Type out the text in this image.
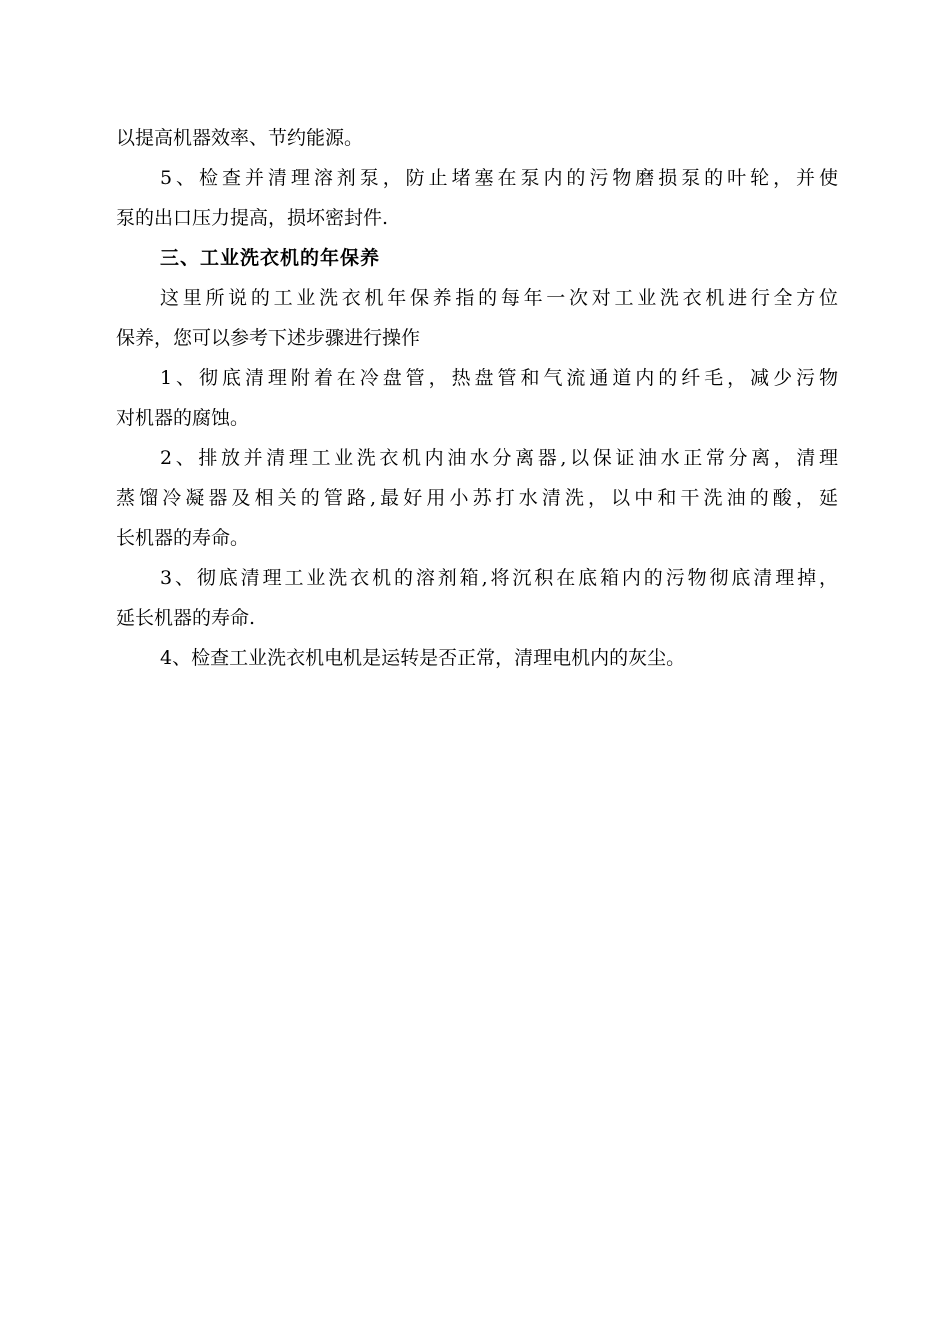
以提高机器效率、节约能源。
5、检查并清理溶剂泵，防止堵塞在泵内的污物磨损泵的叶轮，并使
泵的出口压力提高，损坏密封件.
三、工业洗衣机的年保养
这里所说的工业洗衣机年保养指的每年一次对工业洗衣机进行全方位
保养，您可以参考下述步骤进行操作
1、彻底清理附着在冷盘管，热盘管和气流通道内的纤毛，减少污物
对机器的腐蚀。
2、排放并清理工业洗衣机内油水分离器,以保证油水正常分离，清理
蒸馏冷凝器及相关的管路,最好用小苏打水清洗，以中和干洗油的酸，延
长机器的寿命。
3、彻底清理工业洗衣机的溶剂箱,将沉积在底箱内的污物彻底清理掉，
延长机器的寿命.
4、检查工业洗衣机电机是运转是否正常，清理电机内的灰尘。
